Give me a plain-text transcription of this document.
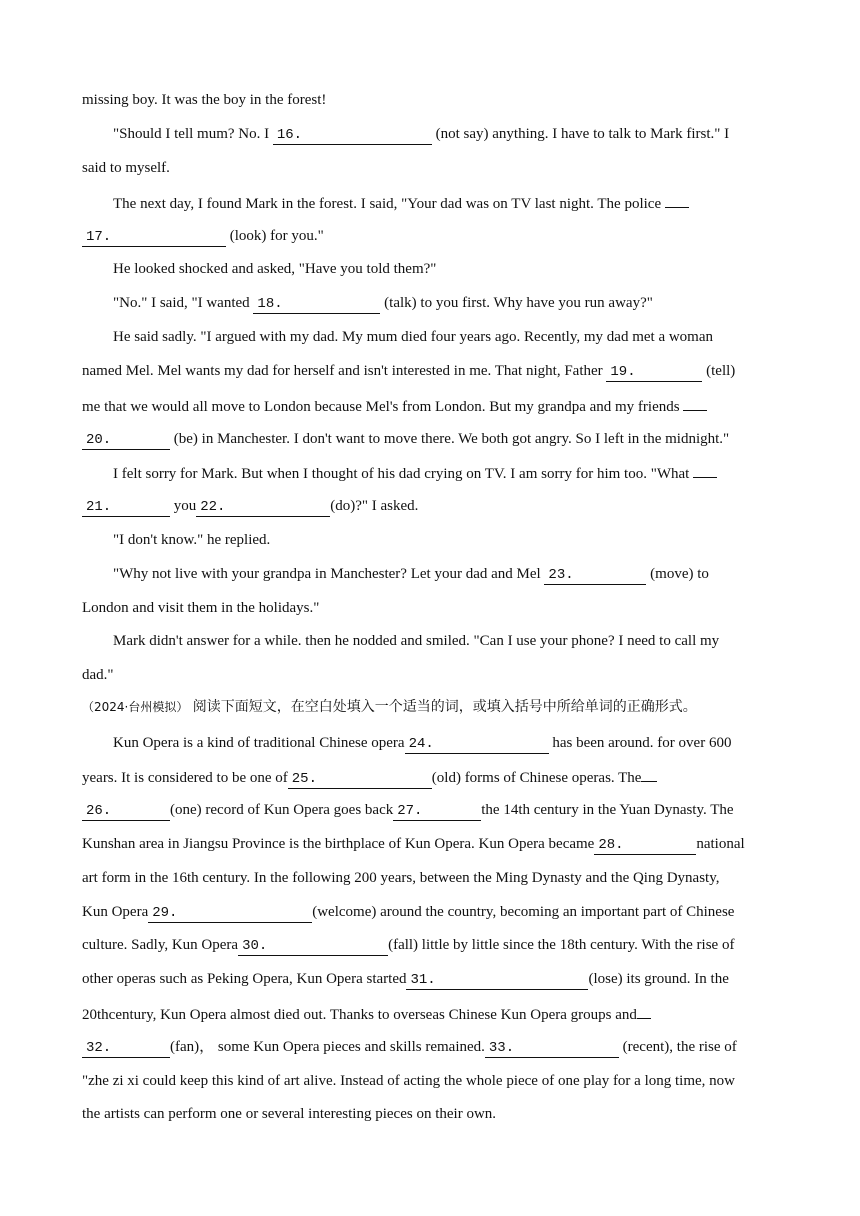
missing boy. It was the boy in the forest!
"Should I tell mum? No. I 16.	(not say) anything. I have to talk to Mark first." I
said to myself.
The next day, I found Mark in the forest. I said, "Your dad was on TV last night. The police
17.	(look) for you."
He looked shocked and asked, "Have you told them?"
"No." I said, "I wanted 18.	(talk) to you first. Why have you run away?"
He said sadly. "I argued with my dad. My mum died four years ago. Recently, my dad met a woman
named Mel. Mel wants my dad for herself and isn't interested in me. That night, Father 19.	(tell)
me that we would all move to London because Mel's from London. But my grandpa and my friends
20.	(be) in Manchester. I don't want to move there. We both got angry. So I left in the midnight."
I felt sorry for Mark. But when I thought of his dad crying on TV. I am sorry for him too. "What
21.	you 22.	(do)?" I asked.
"I don't know." he replied.
"Why not live with your grandpa in Manchester? Let your dad and Mel 23.	(move) to
London and visit them in the holidays."
Mark didn't answer for a while. then he nodded and smiled. "Can I use your phone? I need to call my
dad."
（2024·台州模拟） 阅读下面短文，在空白处填入一个适当的词，或填入括号中所给单词的正确形式。
Kun Opera is a kind of traditional Chinese opera 24.	has been around. for over 600
years. It is considered to be one of 25.	(old) forms of Chinese operas. The
26.	(one) record of Kun Opera goes back 27.	the 14th century in the Yuan Dynasty. The
Kunshan area in Jiangsu Province is the birthplace of Kun Opera. Kun Opera became 28.	national
art form in the 16th century. In the following 200 years, between the Ming Dynasty and the Qing Dynasty,
Kun Opera 29.	(welcome) around the country, becoming an important part of Chinese
culture. Sadly, Kun Opera 30.	(fall) little by little since the 18th century. With the rise of
other operas such as Peking Opera, Kun Opera started 31.	(lose) its ground. In the
20thcentury, Kun Opera almost died out. Thanks to overseas Chinese Kun Opera groups and
32.	(fan)， some Kun Opera pieces and skills remained. 33.	(recent), the rise of
"zhe zi xi could keep this kind of art alive. Instead of acting the whole piece of one play for a long time, now
the artists can perform one or several interesting pieces on their own.
